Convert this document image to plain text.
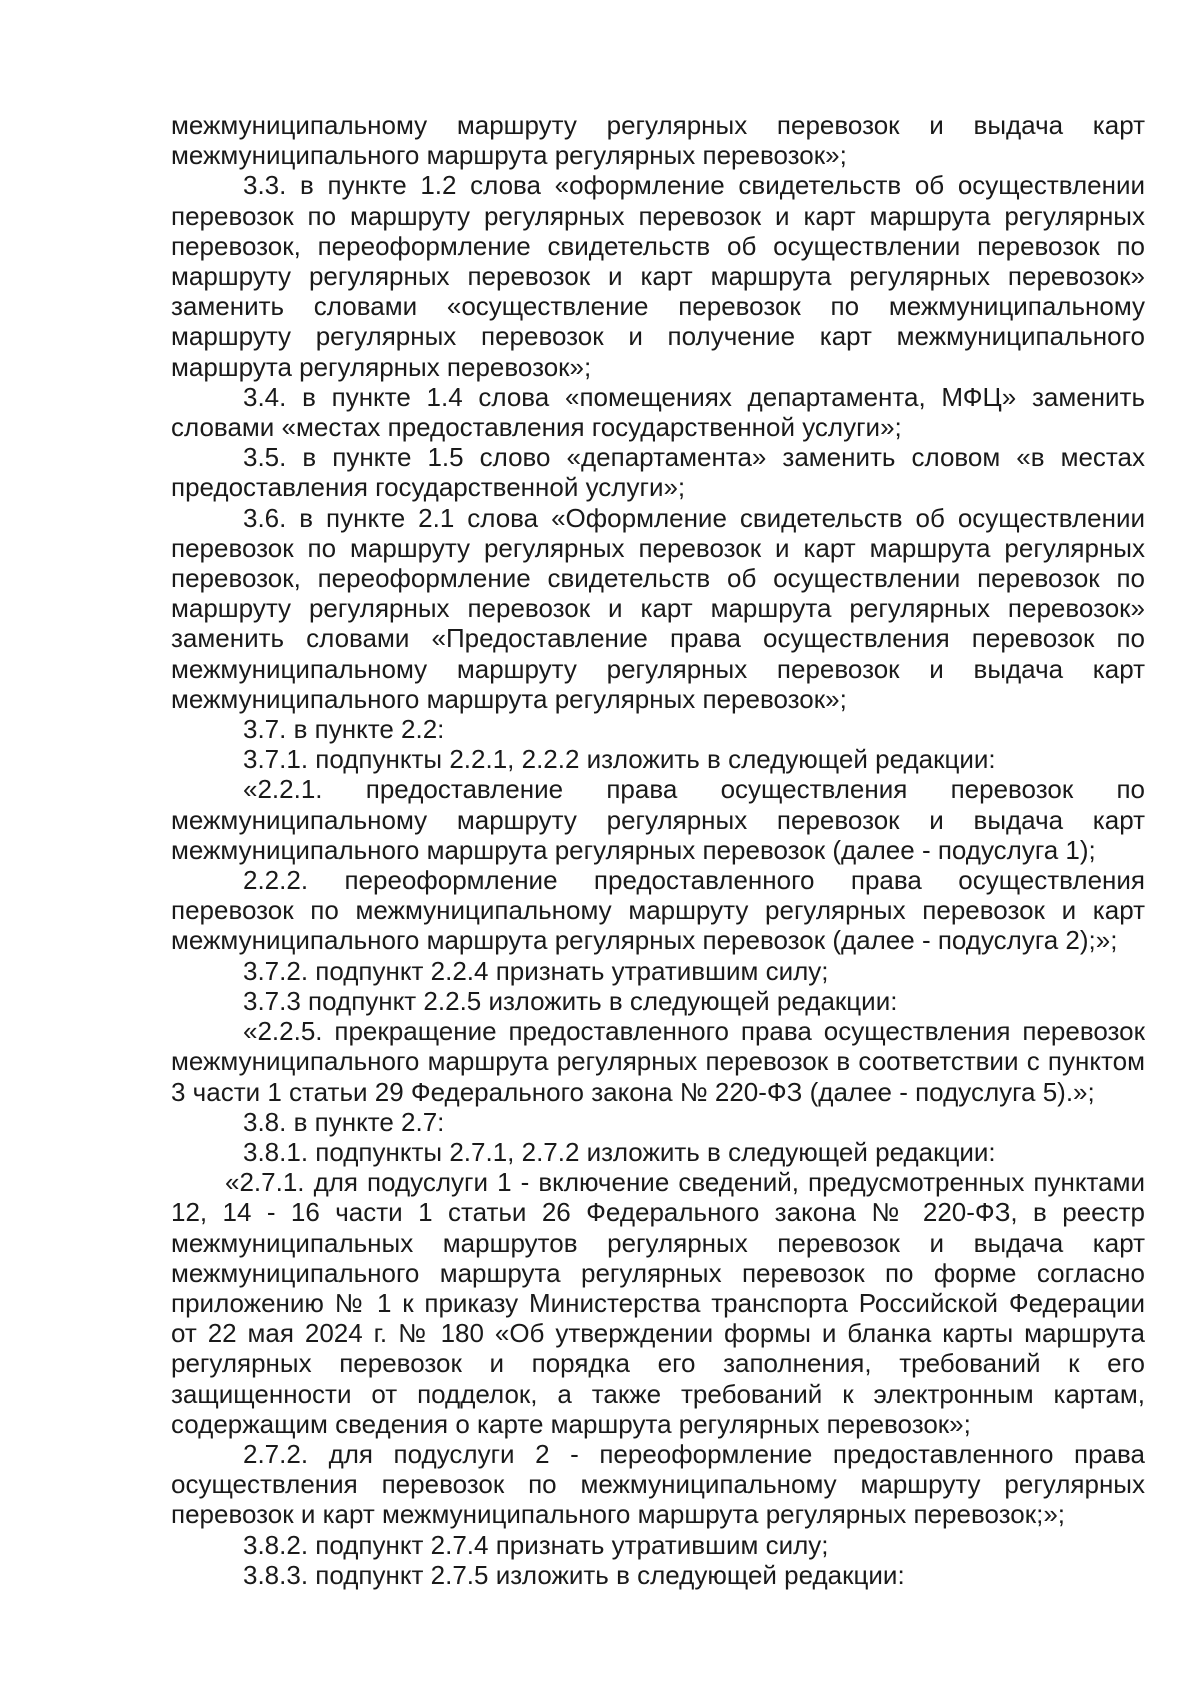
межмуниципальному маршруту регулярных перевозок и выдача карт межмуниципального маршрута регулярных перевозок»;

3.3. в пункте 1.2 слова «оформление свидетельств об осуществлении перевозок по маршруту регулярных перевозок и карт маршрута регулярных перевозок, переоформление свидетельств об осуществлении перевозок по маршруту регулярных перевозок и карт маршрута регулярных перевозок» заменить словами «осуществление перевозок по межмуниципальному маршруту регулярных перевозок и получение карт межмуниципального маршрута регулярных перевозок»;

3.4. в пункте 1.4 слова «помещениях департамента, МФЦ» заменить словами «местах предоставления государственной услуги»;

3.5. в пункте 1.5 слово «департамента» заменить словом «в местах предоставления государственной услуги»;

3.6. в пункте 2.1 слова «Оформление свидетельств об осуществлении перевозок по маршруту регулярных перевозок и карт маршрута регулярных перевозок, переоформление свидетельств об осуществлении перевозок по маршруту регулярных перевозок и карт маршрута регулярных перевозок» заменить словами «Предоставление права осуществления перевозок по межмуниципальному маршруту регулярных перевозок и выдача карт межмуниципального маршрута регулярных перевозок»;

3.7. в пункте 2.2:

3.7.1. подпункты 2.2.1, 2.2.2 изложить в следующей редакции:

«2.2.1. предоставление права осуществления перевозок по межмуниципальному маршруту регулярных перевозок и выдача карт межмуниципального маршрута регулярных перевозок (далее - подуслуга 1);

2.2.2. переоформление предоставленного права осуществления перевозок по межмуниципальному маршруту регулярных перевозок и карт межмуниципального маршрута регулярных перевозок (далее - подуслуга 2);»;

3.7.2. подпункт 2.2.4 признать утратившим силу;

3.7.3 подпункт 2.2.5 изложить в следующей редакции:

«2.2.5. прекращение предоставленного права осуществления перевозок межмуниципального маршрута регулярных перевозок в соответствии с пунктом 3 части 1 статьи 29 Федерального закона № 220-ФЗ (далее - подуслуга 5).»;

3.8. в пункте 2.7:

3.8.1. подпункты 2.7.1, 2.7.2 изложить в следующей редакции:

«2.7.1. для подуслуги 1 - включение сведений, предусмотренных пунктами 12, 14 - 16 части 1 статьи 26 Федерального закона № 220-ФЗ, в реестр межмуниципальных маршрутов регулярных перевозок и выдача карт межмуниципального маршрута регулярных перевозок по форме согласно приложению № 1 к приказу Министерства транспорта Российской Федерации от 22 мая 2024 г. № 180 «Об утверждении формы и бланка карты маршрута регулярных перевозок и порядка его заполнения, требований к его защищенности от подделок, а также требований к электронным картам, содержащим сведения о карте маршрута регулярных перевозок»;

2.7.2. для подуслуги 2 - переоформление предоставленного права осуществления перевозок по межмуниципальному маршруту регулярных перевозок и карт межмуниципального маршрута регулярных перевозок;»;

3.8.2. подпункт 2.7.4 признать утратившим силу;

3.8.3. подпункт 2.7.5 изложить в следующей редакции:
